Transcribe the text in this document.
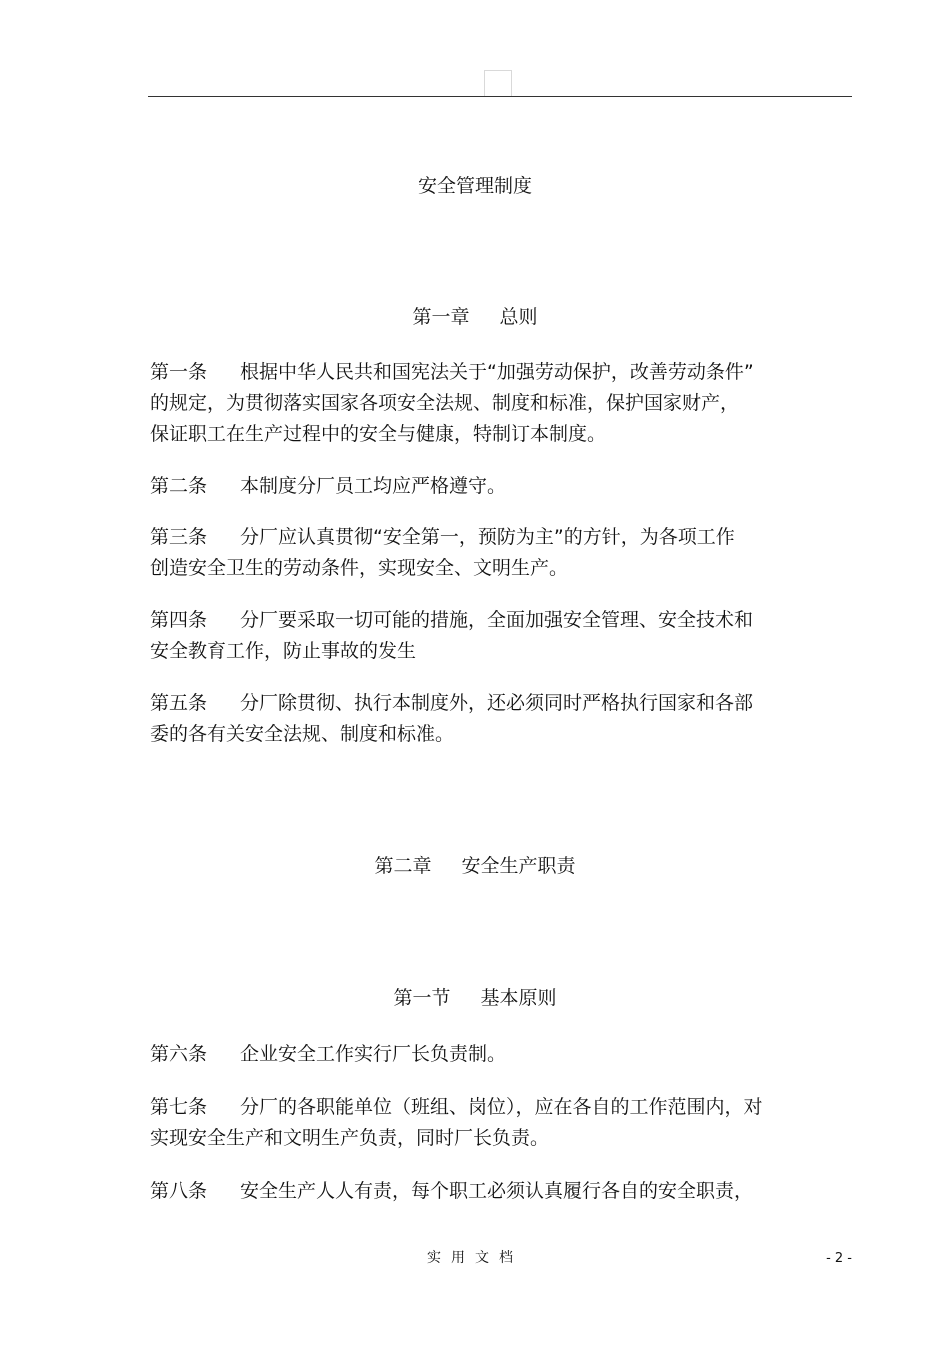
安全管理制度
第一章 总则
第一条 根据中华人民共和国宪法关于“加强劳动保护，改善劳动条件”
的规定，为贯彻落实国家各项安全法规、制度和标准，保护国家财产，
保证职工在生产过程中的安全与健康，特制订本制度。
第二条 本制度分厂员工均应严格遵守。
第三条 分厂应认真贯彻“安全第一，预防为主”的方针，为各项工作
创造安全卫生的劳动条件，实现安全、文明生产。
第四条 分厂要采取一切可能的措施，全面加强安全管理、安全技术和
安全教育工作，防止事故的发生
第五条 分厂除贯彻、执行本制度外，还必须同时严格执行国家和各部
委的各有关安全法规、制度和标准。
第二章 安全生产职责
第一节 基本原则
第六条 企业安全工作实行厂长负责制。
第七条 分厂的各职能单位（班组、岗位），应在各自的工作范围内，对
实现安全生产和文明生产负责，同时厂长负责。
第八条 安全生产人人有责，每个职工必须认真履行各自的安全职责，
实用文档	- 2 -
